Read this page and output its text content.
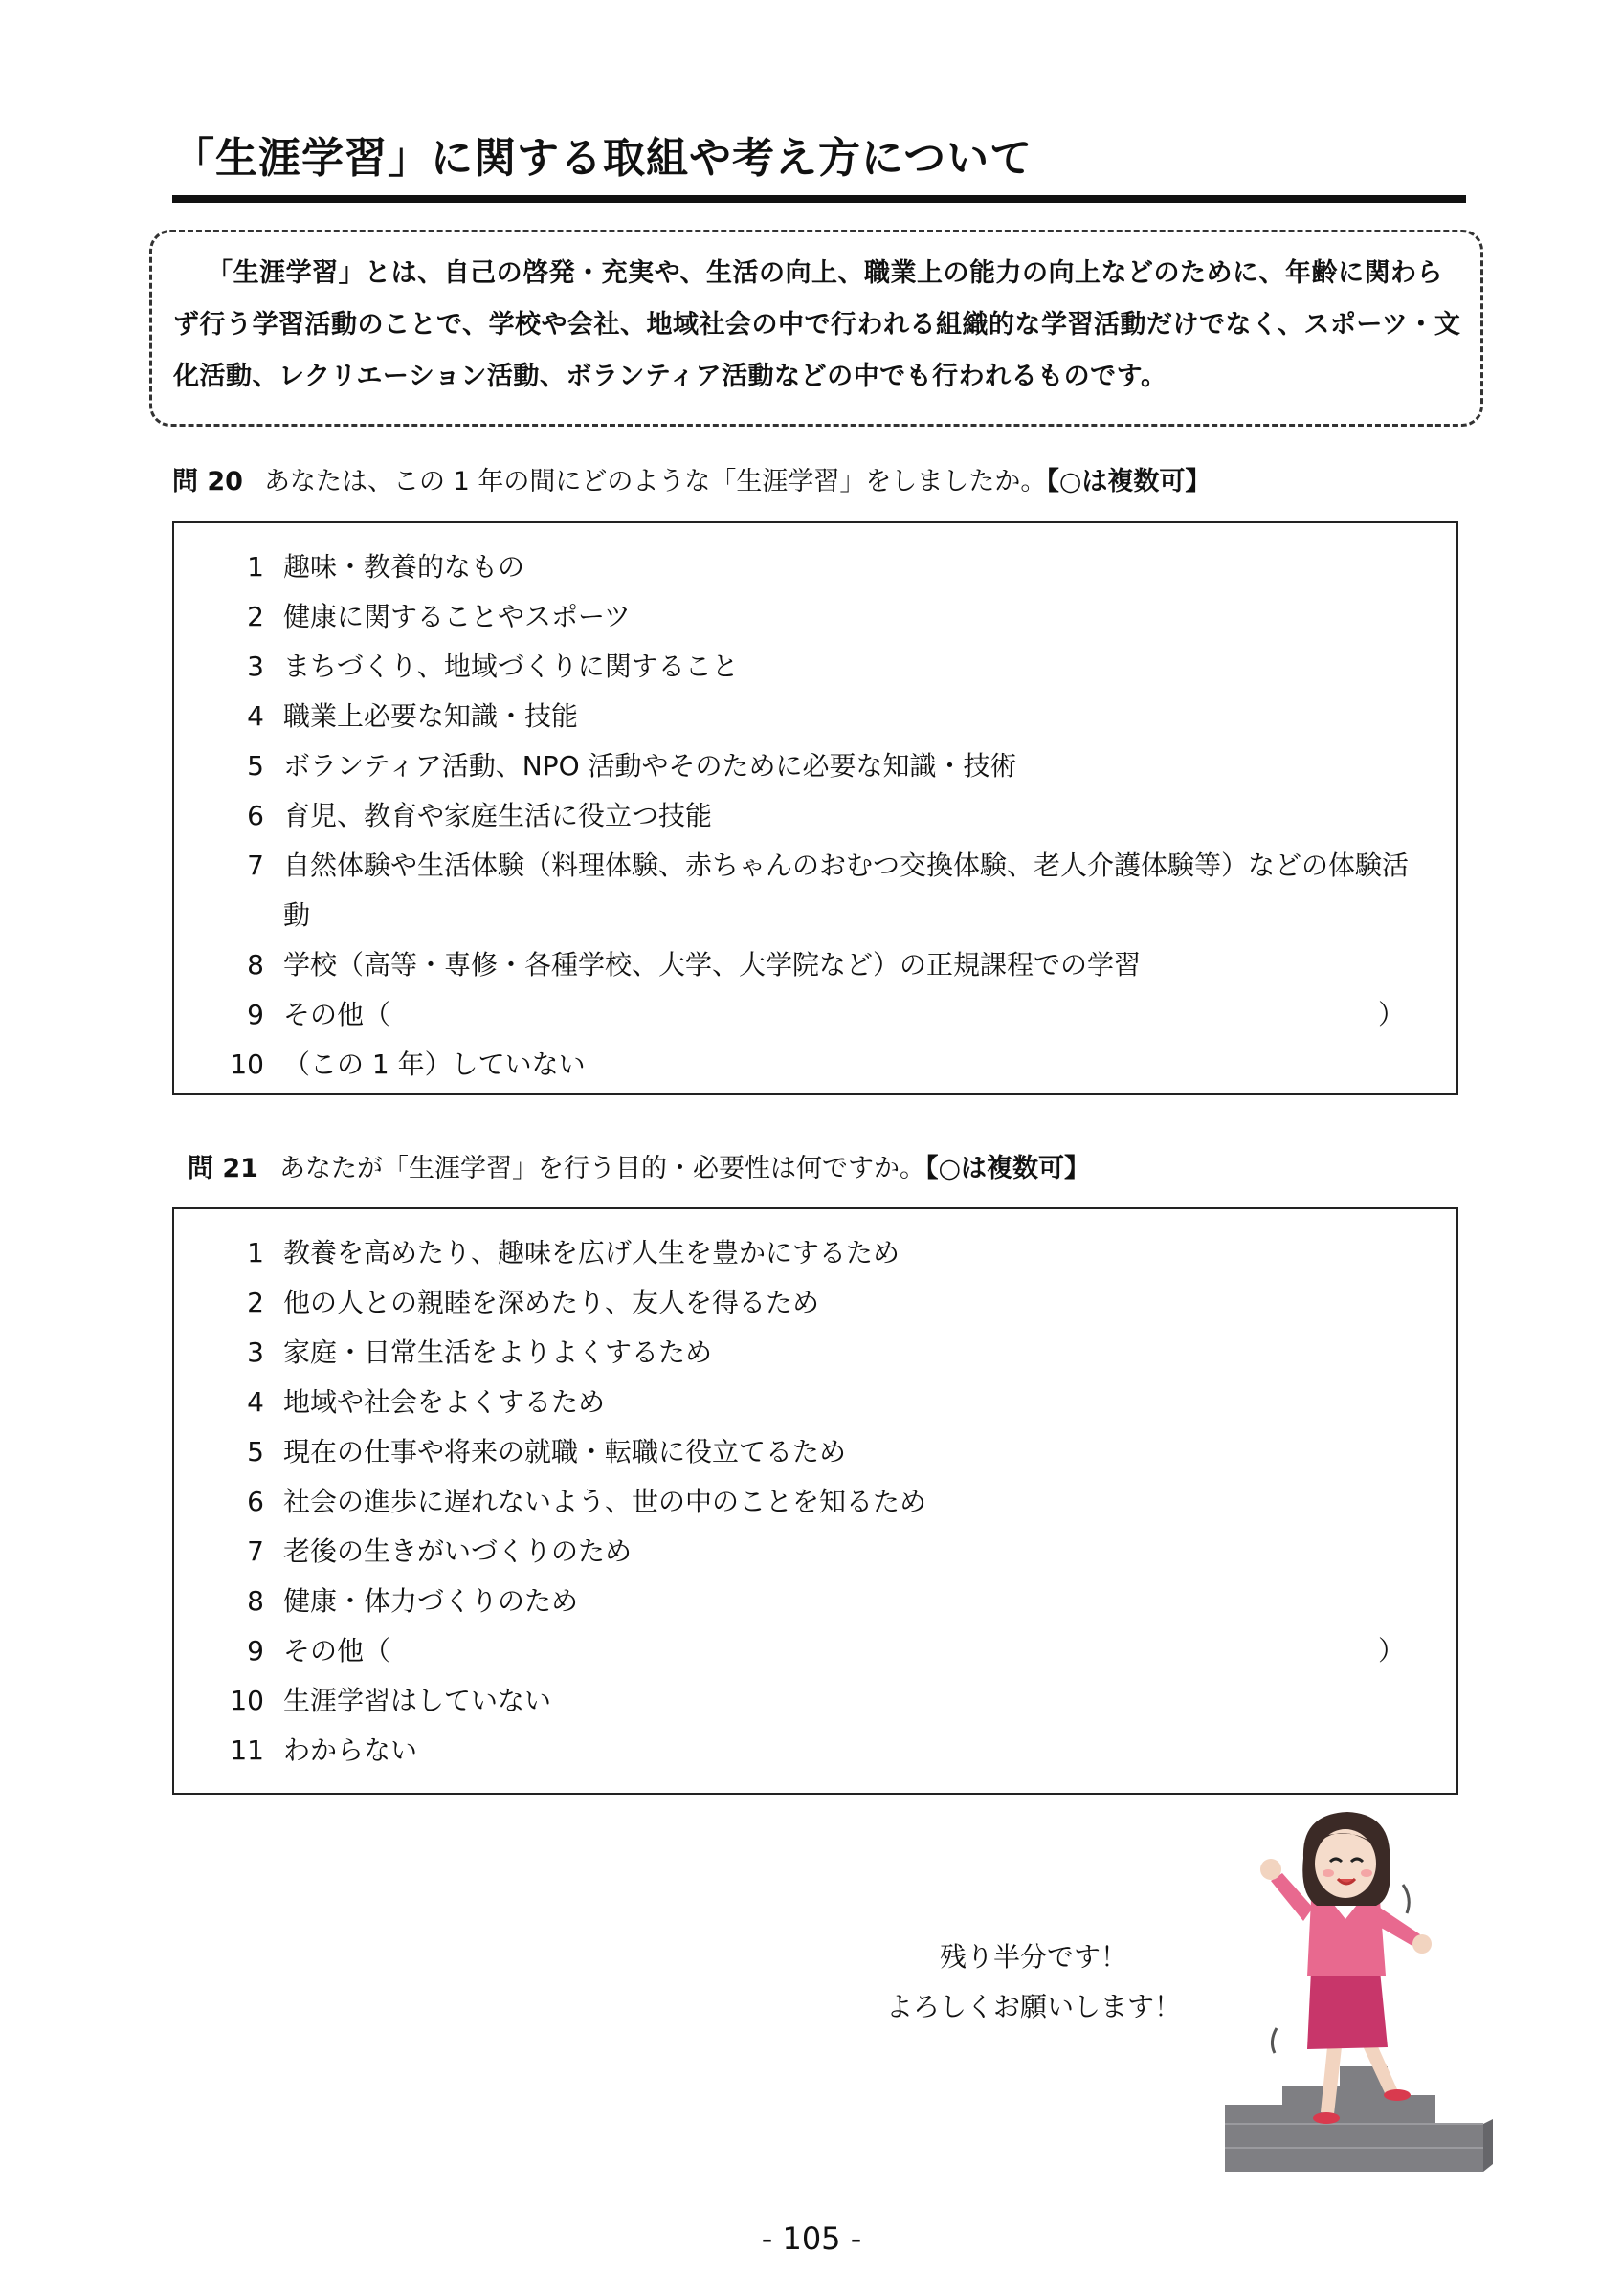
「生涯学習」に関する取組や考え方について
「生涯学習」とは、自己の啓発・充実や、生活の向上、職業上の能力の向上などのために、年齢に関わらず行う学習活動のことで、学校や会社、地域社会の中で行われる組織的な学習活動だけでなく、スポーツ・文化活動、レクリエーション活動、ボランティア活動などの中でも行われるものです。
問 20 あなたは、この 1 年の間にどのような「生涯学習」をしましたか。【○は複数可】
1 趣味・教養的なもの
2 健康に関することやスポーツ
3 まちづくり、地域づくりに関すること
4 職業上必要な知識・技能
5 ボランティア活動、NPO 活動やそのために必要な知識・技術
6 育児、教育や家庭生活に役立つ技能
7 自然体験や生活体験（料理体験、赤ちゃんのおむつ交換体験、老人介護体験等）などの体験活動
8 学校（高等・専修・各種学校、大学、大学院など）の正規課程での学習
9 その他（	）
10 （この 1 年）していない
問 21 あなたが「生涯学習」を行う目的・必要性は何ですか。【○は複数可】
1 教養を高めたり、趣味を広げ人生を豊かにするため
2 他の人との親睦を深めたり、友人を得るため
3 家庭・日常生活をよりよくするため
4 地域や社会をよくするため
5 現在の仕事や将来の就職・転職に役立てるため
6 社会の進歩に遅れないよう、世の中のことを知るため
7 老後の生きがいづくりのため
8 健康・体力づくりのため
9 その他（	）
10 生涯学習はしていない
11 わからない
残り半分です！
よろしくお願いします！
- 105 -
